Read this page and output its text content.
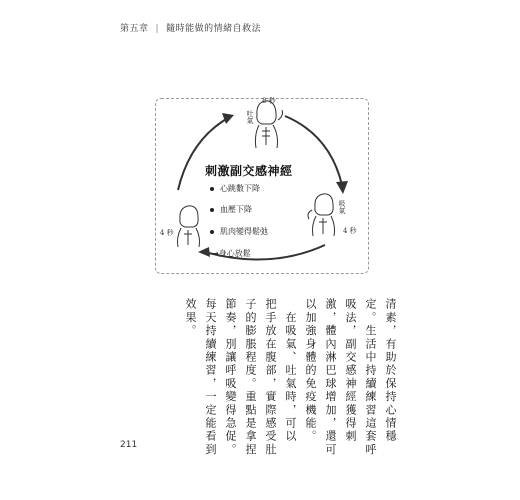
第五章 | 隨時能做的情緒自救法
8 秒
吐氣
吸氣
4 秒
4 秒
刺激副交感神經
心跳數下降
血壓下降
肌肉變得鬆弛
→身心放鬆
清素，有助於保持心情穩
定。生活中持續練習這套呼
吸法，副交感神經獲得刺
激，體內淋巴球增加，還可
以加強身體的免疫機能。
　在吸氣、吐氣時，可以
把手放在腹部，實際感受肚
子的膨脹程度。重點是拿捏
節奏，別讓呼吸變得急促。
每天持續練習，一定能看到
效果。
211
